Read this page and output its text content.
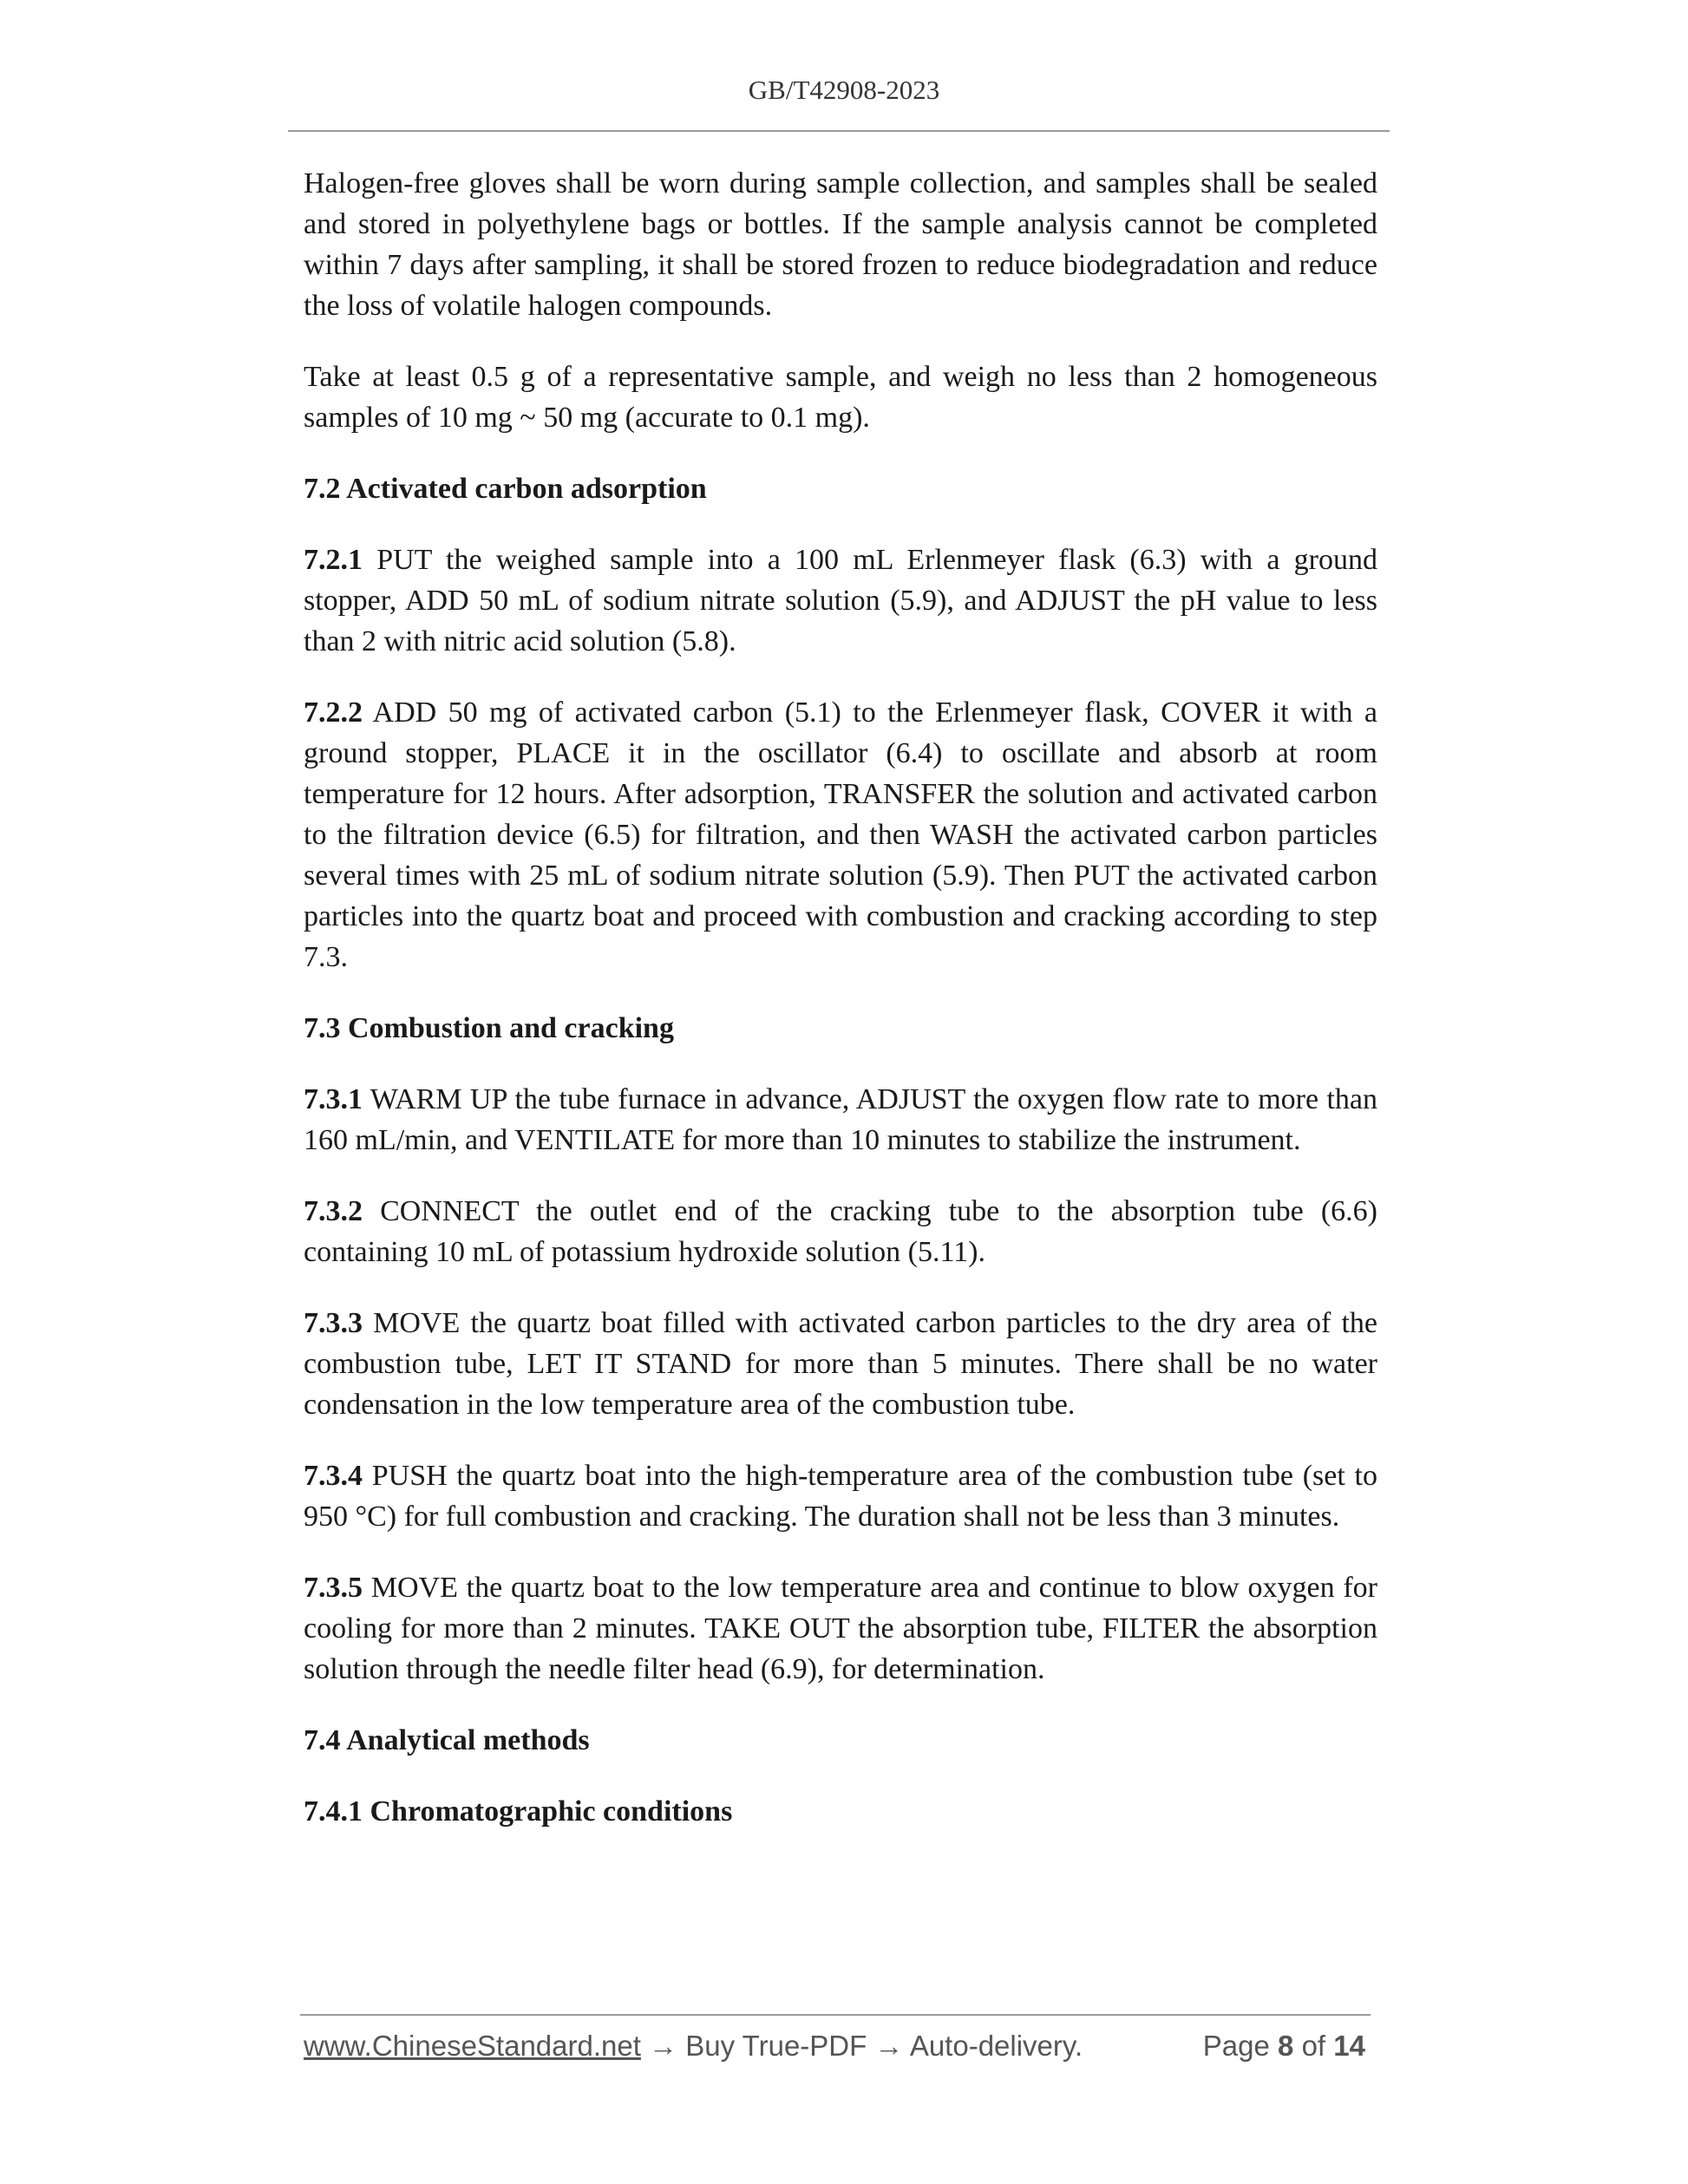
GB/T42908-2023

Halogen-free gloves shall be worn during sample collection, and samples shall be sealed and stored in polyethylene bags or bottles. If the sample analysis cannot be completed within 7 days after sampling, it shall be stored frozen to reduce biodegradation and reduce the loss of volatile halogen compounds.

Take at least 0.5 g of a representative sample, and weigh no less than 2 homogeneous samples of 10 mg ~ 50 mg (accurate to 0.1 mg).

7.2 Activated carbon adsorption

7.2.1 PUT the weighed sample into a 100 mL Erlenmeyer flask (6.3) with a ground stopper, ADD 50 mL of sodium nitrate solution (5.9), and ADJUST the pH value to less than 2 with nitric acid solution (5.8).

7.2.2 ADD 50 mg of activated carbon (5.1) to the Erlenmeyer flask, COVER it with a ground stopper, PLACE it in the oscillator (6.4) to oscillate and absorb at room temperature for 12 hours. After adsorption, TRANSFER the solution and activated carbon to the filtration device (6.5) for filtration, and then WASH the activated carbon particles several times with 25 mL of sodium nitrate solution (5.9). Then PUT the activated carbon particles into the quartz boat and proceed with combustion and cracking according to step 7.3.

7.3 Combustion and cracking

7.3.1 WARM UP the tube furnace in advance, ADJUST the oxygen flow rate to more than 160 mL/min, and VENTILATE for more than 10 minutes to stabilize the instrument.

7.3.2 CONNECT the outlet end of the cracking tube to the absorption tube (6.6) containing 10 mL of potassium hydroxide solution (5.11).

7.3.3 MOVE the quartz boat filled with activated carbon particles to the dry area of the combustion tube, LET IT STAND for more than 5 minutes. There shall be no water condensation in the low temperature area of the combustion tube.

7.3.4 PUSH the quartz boat into the high-temperature area of the combustion tube (set to 950 °C) for full combustion and cracking. The duration shall not be less than 3 minutes.

7.3.5 MOVE the quartz boat to the low temperature area and continue to blow oxygen for cooling for more than 2 minutes. TAKE OUT the absorption tube, FILTER the absorption solution through the needle filter head (6.9), for determination.

7.4 Analytical methods

7.4.1 Chromatographic conditions

www.ChineseStandard.net → Buy True-PDF → Auto-delivery.	Page 8 of 14
